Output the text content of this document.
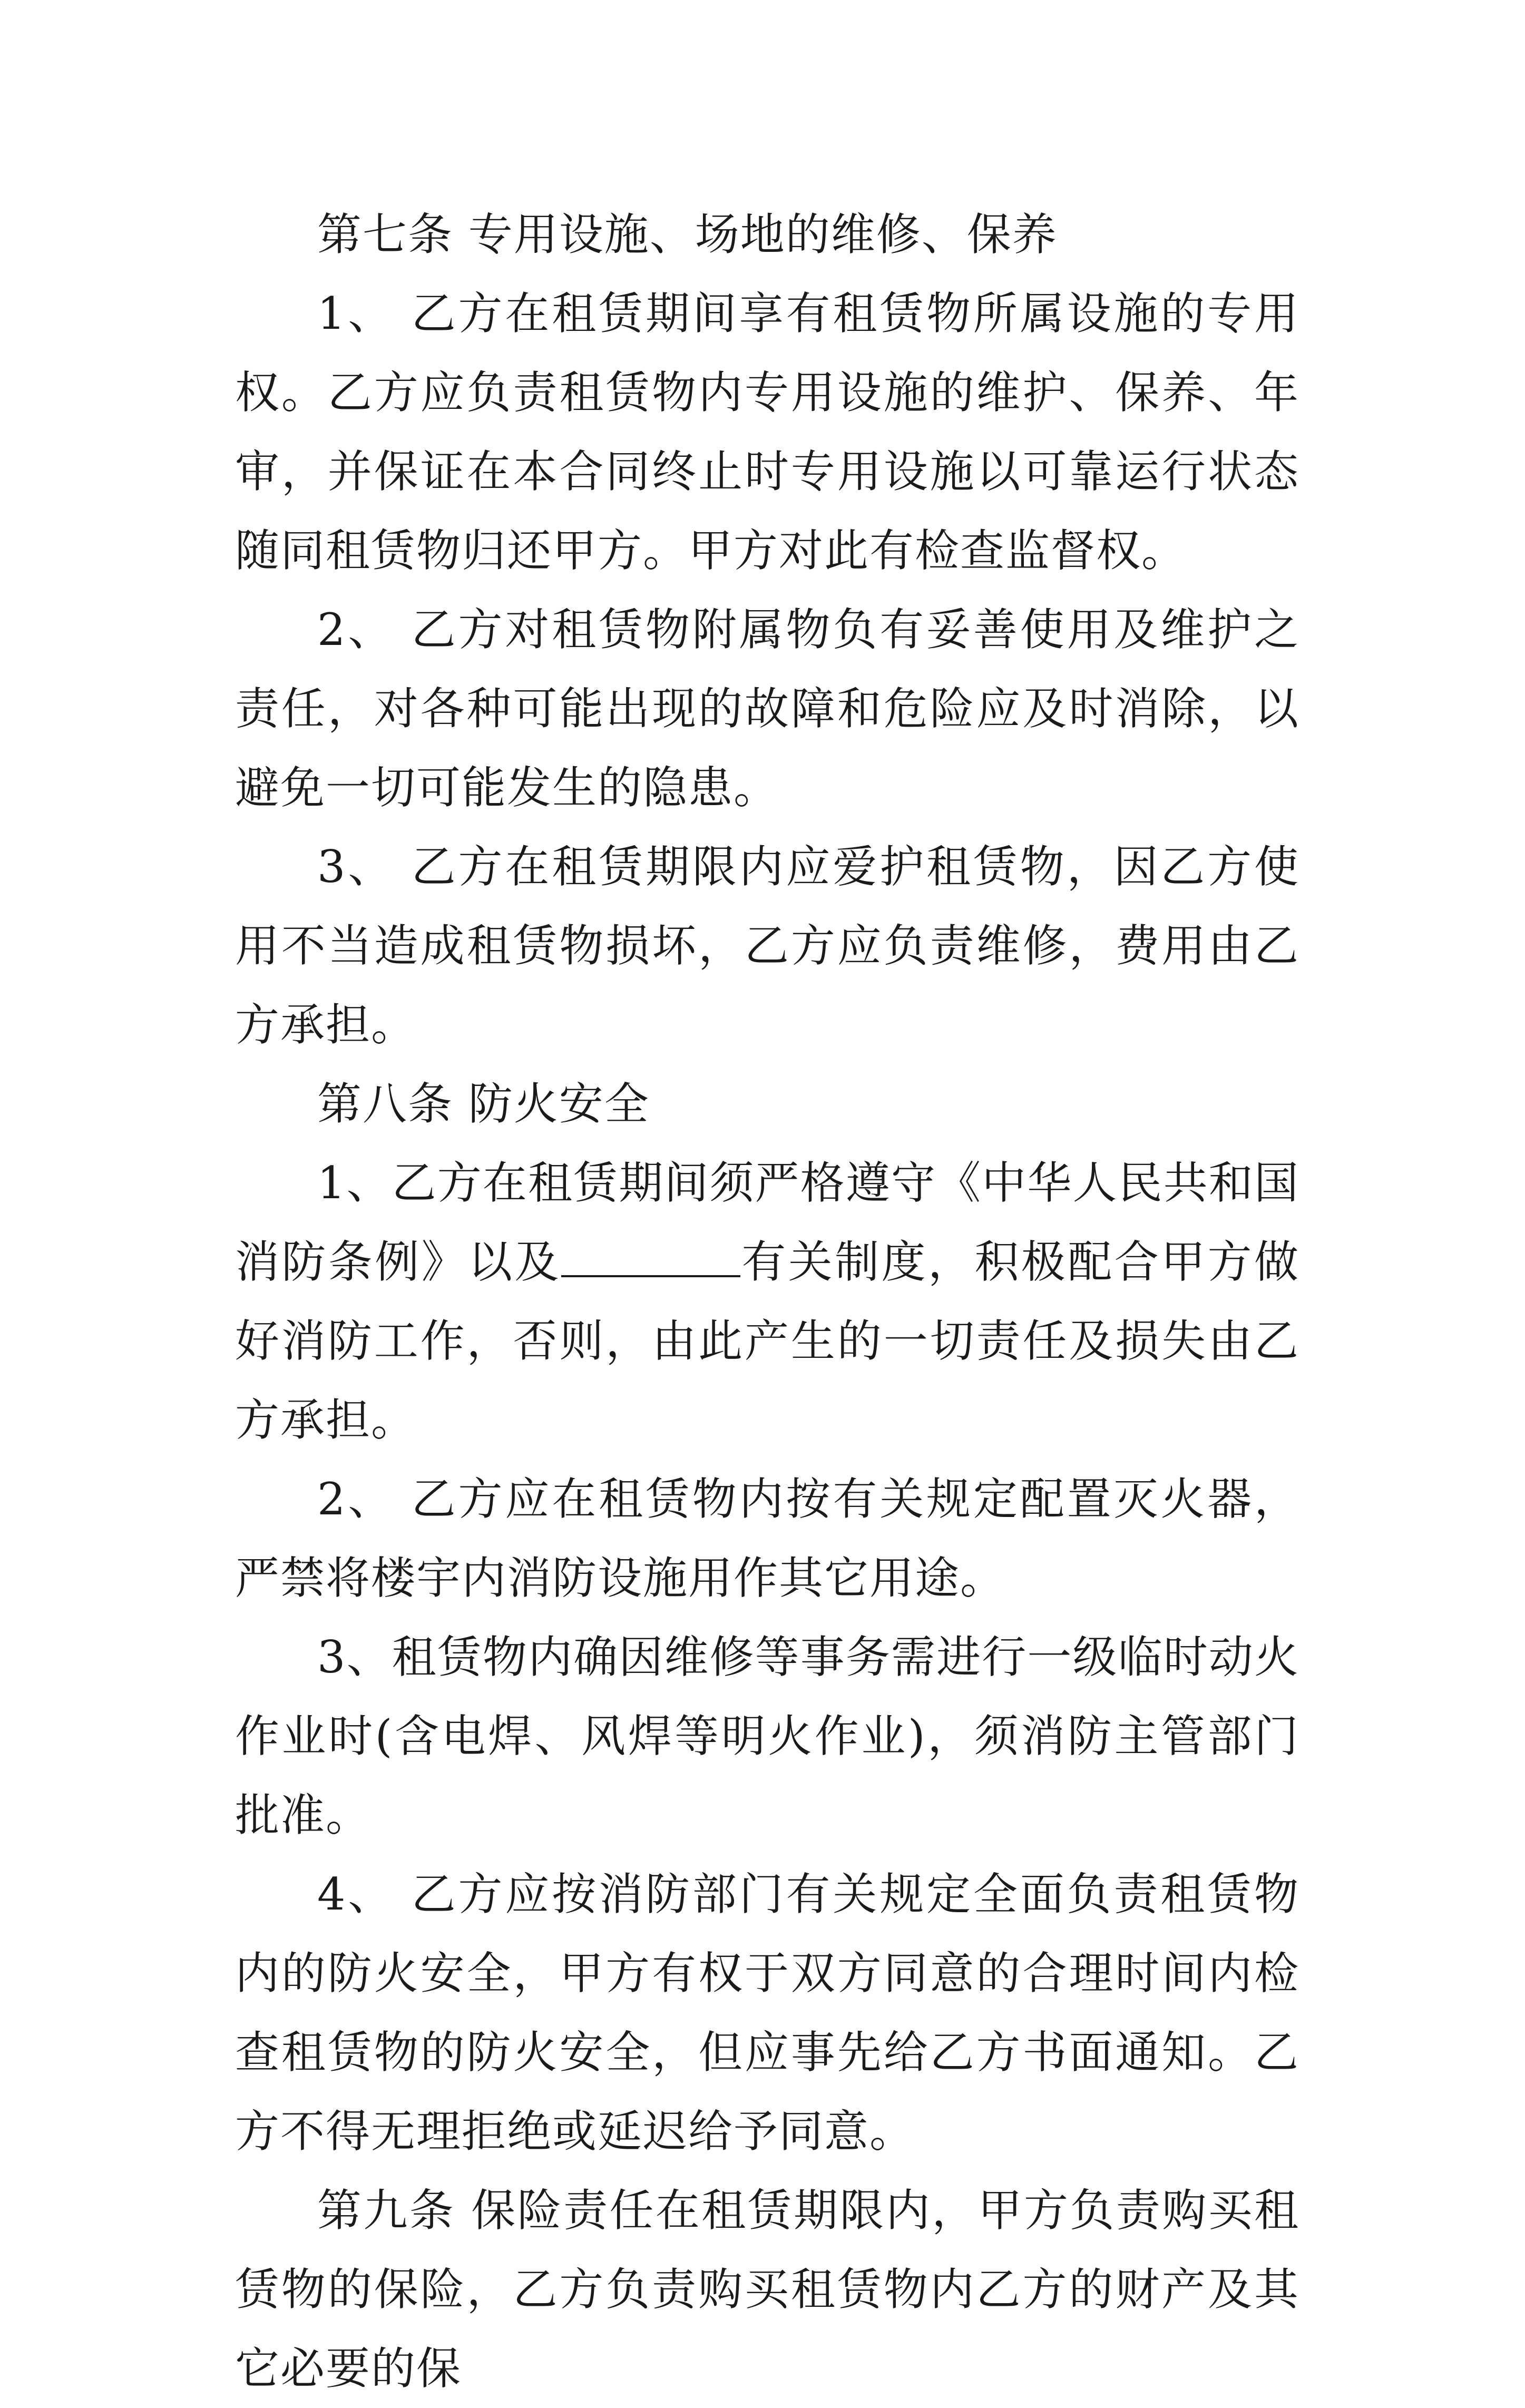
第七条 专用设施、场地的维修、保养

1、 乙方在租赁期间享有租赁物所属设施的专用权。乙方应负责租赁物内专用设施的维护、保养、年审，并保证在本合同终止时专用设施以可靠运行状态随同租赁物归还甲方。甲方对此有检查监督权。

2、 乙方对租赁物附属物负有妥善使用及维护之责任，对各种可能出现的故障和危险应及时消除，以避免一切可能发生的隐患。

3、 乙方在租赁期限内应爱护租赁物，因乙方使用不当造成租赁物损坏，乙方应负责维修，费用由乙方承担。

第八条 防火安全

1、乙方在租赁期间须严格遵守《中华人民共和国消防条例》以及	有关制度，积极配合甲方做好消防工作，否则，由此产生的一切责任及损失由乙方承担。

2、 乙方应在租赁物内按有关规定配置灭火器，严禁将楼宇内消防设施用作其它用途。

3、租赁物内确因维修等事务需进行一级临时动火作业时(含电焊、风焊等明火作业)，须消防主管部门批准。

4、 乙方应按消防部门有关规定全面负责租赁物内的防火安全，甲方有权于双方同意的合理时间内检查租赁物的防火安全，但应事先给乙方书面通知。乙方不得无理拒绝或延迟给予同意。

第九条 保险责任在租赁期限内，甲方负责购买租赁物的保险，乙方负责购买租赁物内乙方的财产及其它必要的保
